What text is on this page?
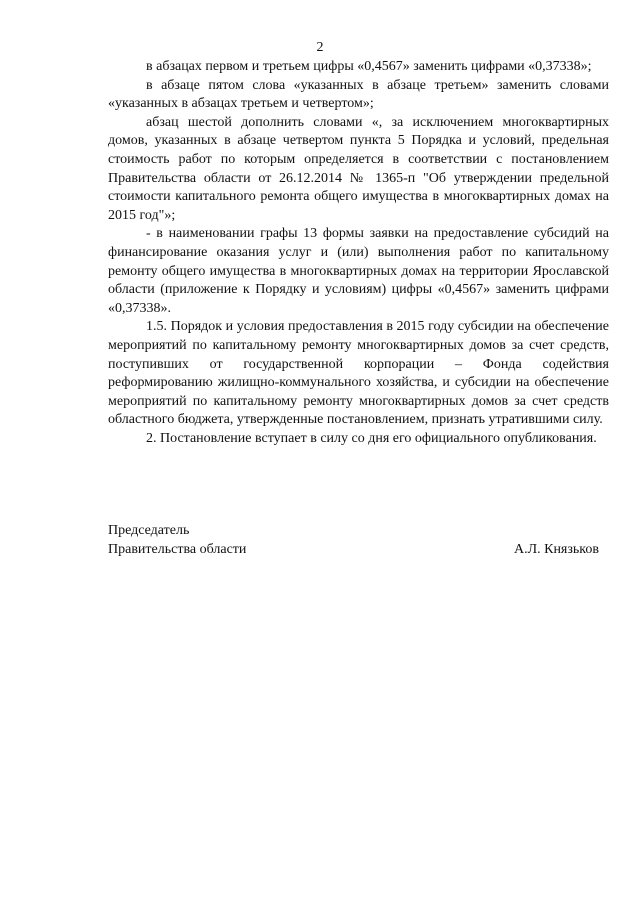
2

в абзацах первом и третьем цифры «0,4567» заменить цифрами «0,37338»;

в абзаце пятом слова «указанных в абзаце третьем» заменить словами «указанных в абзацах третьем и четвертом»;

абзац шестой дополнить словами «, за исключением многоквартирных домов, указанных в абзаце четвертом пункта 5 Порядка и условий, предельная стоимость работ по которым определяется в соответствии с постановлением Правительства области от 26.12.2014 № 1365-п "Об утверждении предельной стоимости капитального ремонта общего имущества в многоквартирных домах на 2015 год"»;

- в наименовании графы 13 формы заявки на предоставление субсидий на финансирование оказания услуг и (или) выполнения работ по капитальному ремонту общего имущества в многоквартирных домах на территории Ярославской области (приложение к Порядку и условиям) цифры «0,4567» заменить цифрами «0,37338».

1.5. Порядок и условия предоставления в 2015 году субсидии на обеспечение мероприятий по капитальному ремонту многоквартирных домов за счет средств, поступивших от государственной корпорации – Фонда содействия реформированию жилищно-коммунального хозяйства, и субсидии на обеспечение мероприятий по капитальному ремонту многоквартирных домов за счет средств областного бюджета, утвержденные постановлением, признать утратившими силу.

2. Постановление вступает в силу со дня его официального опубликования.

Председатель
Правительства области	А.Л. Князьков
